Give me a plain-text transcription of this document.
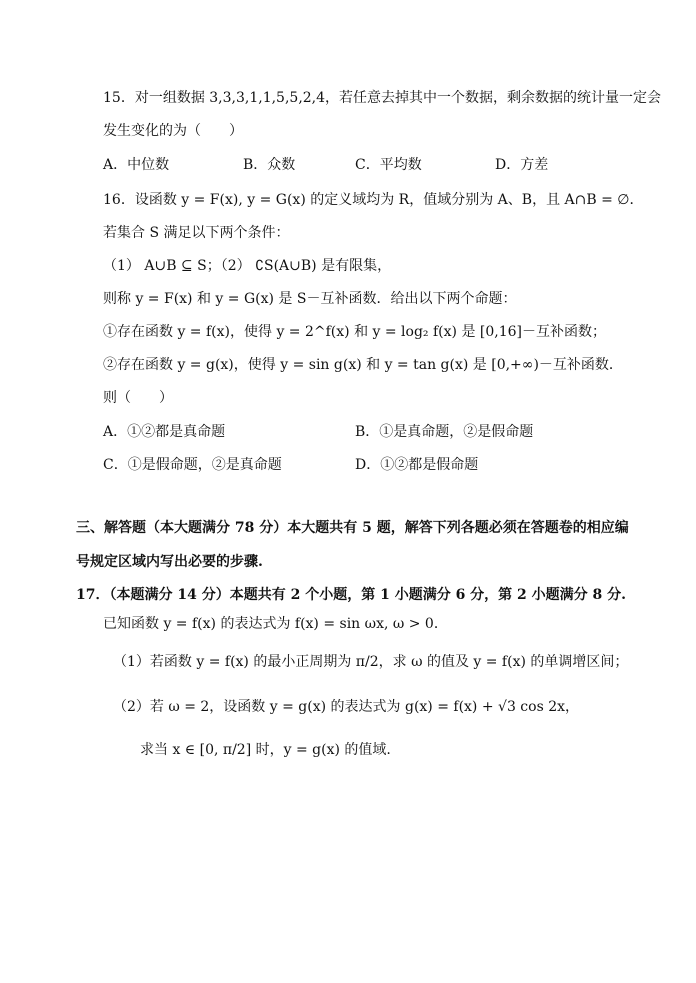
15．对一组数据 3,3,3,1,1,5,5,2,4，若任意去掉其中一个数据，剩余数据的统计量一定会
发生变化的为（　　）
A．中位数	B．众数	C．平均数	D．方差
16．设函数 y = F(x), y = G(x) 的定义域均为 R，值域分别为 A、B，且 A∩B = ∅．
若集合 S 满足以下两个条件：
（1） A∪B ⊆ S；（2） ∁S(A∪B) 是有限集，
则称 y = F(x) 和 y = G(x) 是 S－互补函数．给出以下两个命题：
①存在函数 y = f(x)，使得 y = 2^f(x) 和 y = log₂ f(x) 是 [0,16]－互补函数；
②存在函数 y = g(x)，使得 y = sin g(x) 和 y = tan g(x) 是 [0,+∞)－互补函数．
则（　　）
A．①②都是真命题	B．①是真命题，②是假命题
C．①是假命题，②是真命题	D．①②都是假命题
三、解答题（本大题满分 78 分）本大题共有 5 题，解答下列各题必须在答题卷的相应编
号规定区域内写出必要的步骤.
17．（本题满分 14 分）本题共有 2 个小题，第 1 小题满分 6 分，第 2 小题满分 8 分.
已知函数 y = f(x) 的表达式为 f(x) = sin ωx, ω > 0．
（1）若函数 y = f(x) 的最小正周期为 π/2，求 ω 的值及 y = f(x) 的单调增区间；
（2）若 ω = 2，设函数 y = g(x) 的表达式为 g(x) = f(x) + √3 cos 2x，
求当 x ∈ [0, π/2] 时，y = g(x) 的值域.
